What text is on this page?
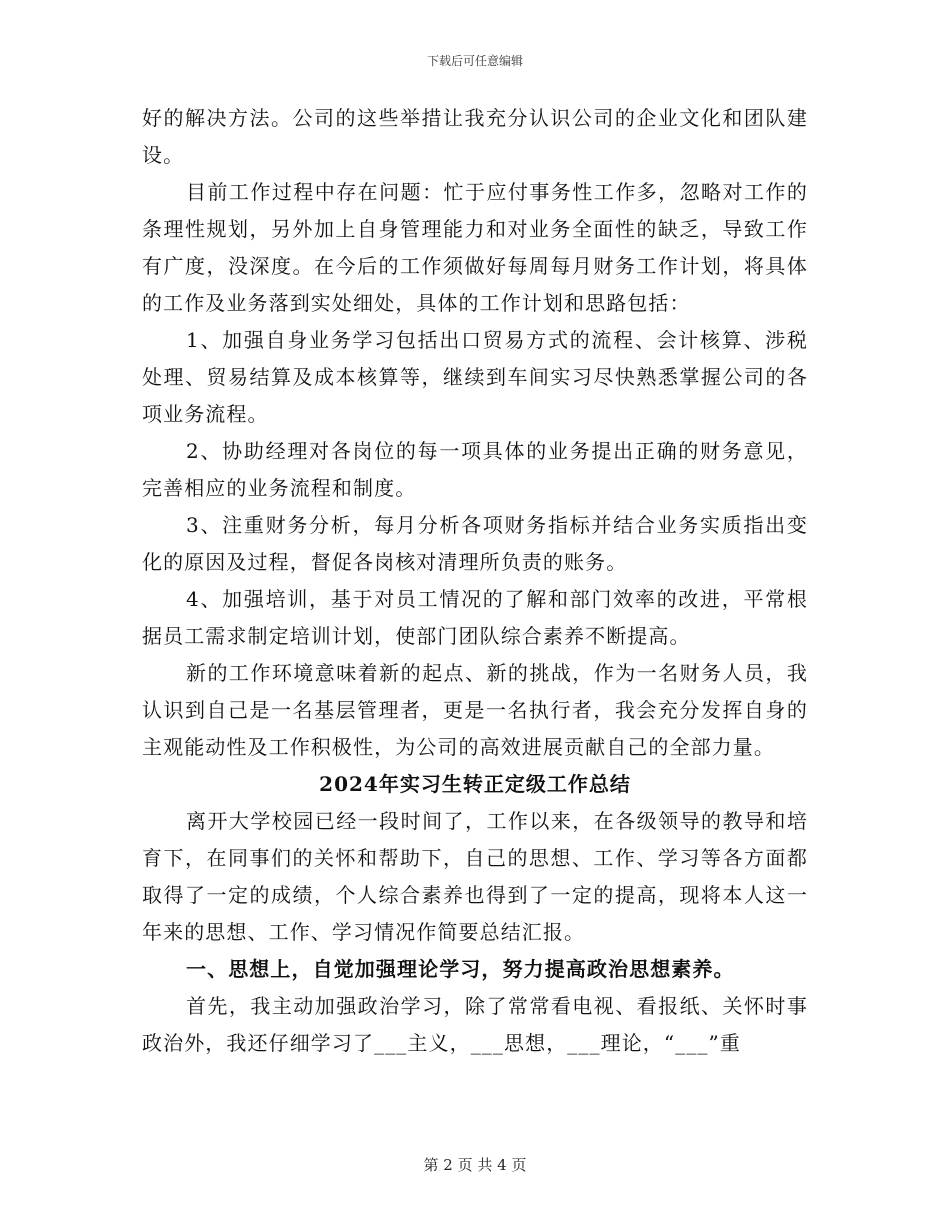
下载后可任意编辑

好的解决方法。公司的这些举措让我充分认识公司的企业文化和团队建设。

目前工作过程中存在问题：忙于应付事务性工作多，忽略对工作的条理性规划，另外加上自身管理能力和对业务全面性的缺乏，导致工作有广度，没深度。在今后的工作须做好每周每月财务工作计划，将具体的工作及业务落到实处细处，具体的工作计划和思路包括：

1、加强自身业务学习包括出口贸易方式的流程、会计核算、涉税处理、贸易结算及成本核算等，继续到车间实习尽快熟悉掌握公司的各项业务流程。

2、协助经理对各岗位的每一项具体的业务提出正确的财务意见，完善相应的业务流程和制度。

3、注重财务分析，每月分析各项财务指标并结合业务实质指出变化的原因及过程，督促各岗核对清理所负责的账务。

4、加强培训，基于对员工情况的了解和部门效率的改进，平常根据员工需求制定培训计划，使部门团队综合素养不断提高。

新的工作环境意味着新的起点、新的挑战，作为一名财务人员，我认识到自己是一名基层管理者，更是一名执行者，我会充分发挥自身的主观能动性及工作积极性，为公司的高效进展贡献自己的全部力量。

2024年实习生转正定级工作总结

离开大学校园已经一段时间了，工作以来，在各级领导的教导和培育下，在同事们的关怀和帮助下，自己的思想、工作、学习等各方面都取得了一定的成绩，个人综合素养也得到了一定的提高，现将本人这一年来的思想、工作、学习情况作简要总结汇报。

一、思想上，自觉加强理论学习，努力提高政治思想素养。

首先，我主动加强政治学习，除了常常看电视、看报纸、关怀时事政治外，我还仔细学习了___主义，___思想，___理论，“___”重

第 2 页 共 4 页
